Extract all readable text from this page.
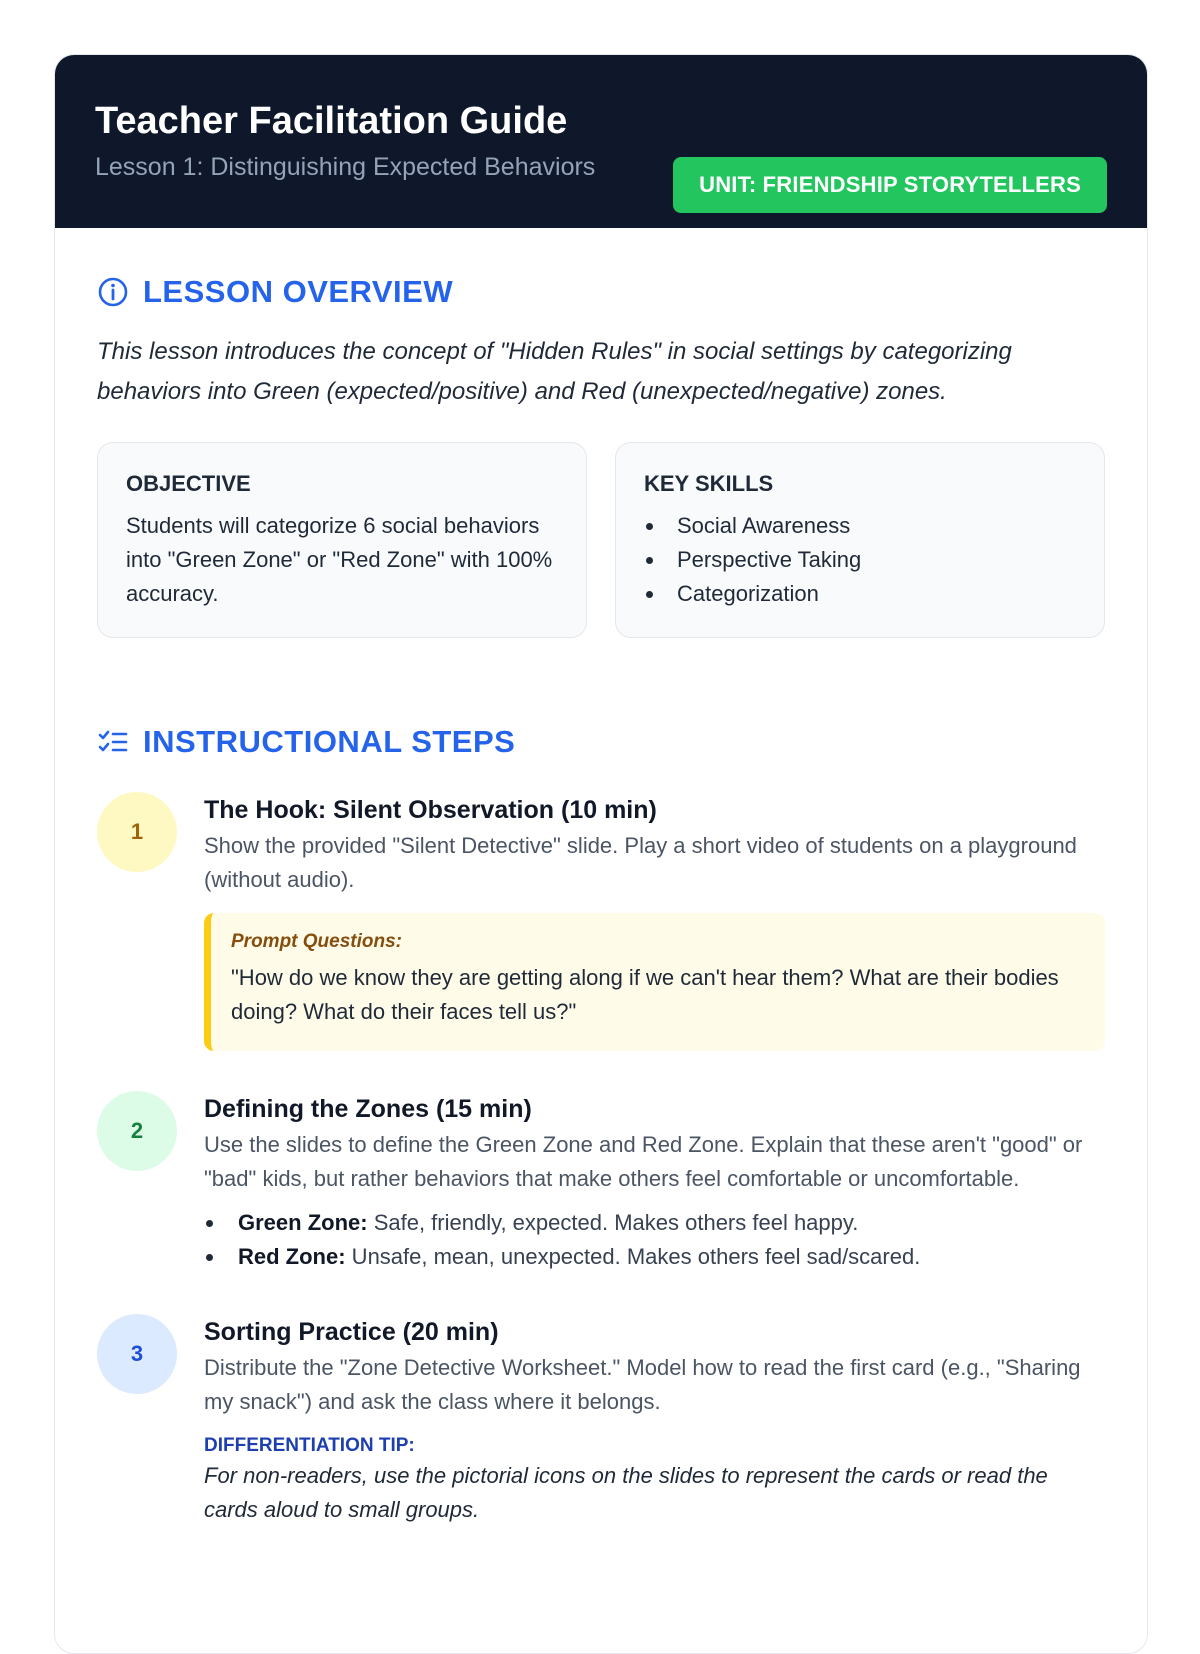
Teacher Facilitation Guide
Lesson 1: Distinguishing Expected Behaviors
UNIT: FRIENDSHIP STORYTELLERS
LESSON OVERVIEW

This lesson introduces the concept of "Hidden Rules" in social settings by categorizing behaviors into Green (expected/positive) and Red (unexpected/negative) zones.

OBJECTIVE
Students will categorize 6 social behaviors into "Green Zone" or "Red Zone" with 100% accuracy.
KEY SKILLS
Social Awareness
Perspective Taking
Categorization
INSTRUCTIONAL STEPS
1
The Hook: Silent Observation (10 min)
Show the provided "Silent Detective" slide. Play a short video of students on a playground (without audio).
Prompt Questions:
"How do we know they are getting along if we can't hear them? What are their bodies doing? What do their faces tell us?"
2
Defining the Zones (15 min)
Use the slides to define the Green Zone and Red Zone. Explain that these aren't "good" or "bad" kids, but rather behaviors that make others feel comfortable or uncomfortable.
Green Zone: Safe, friendly, expected. Makes others feel happy.
Red Zone: Unsafe, mean, unexpected. Makes others feel sad/scared.
3
Sorting Practice (20 min)
Distribute the "Zone Detective Worksheet." Model how to read the first card (e.g., "Sharing my snack") and ask the class where it belongs.
DIFFERENTIATION TIP:
For non-readers, use the pictorial icons on the slides to represent the cards or read the cards aloud to small groups.
